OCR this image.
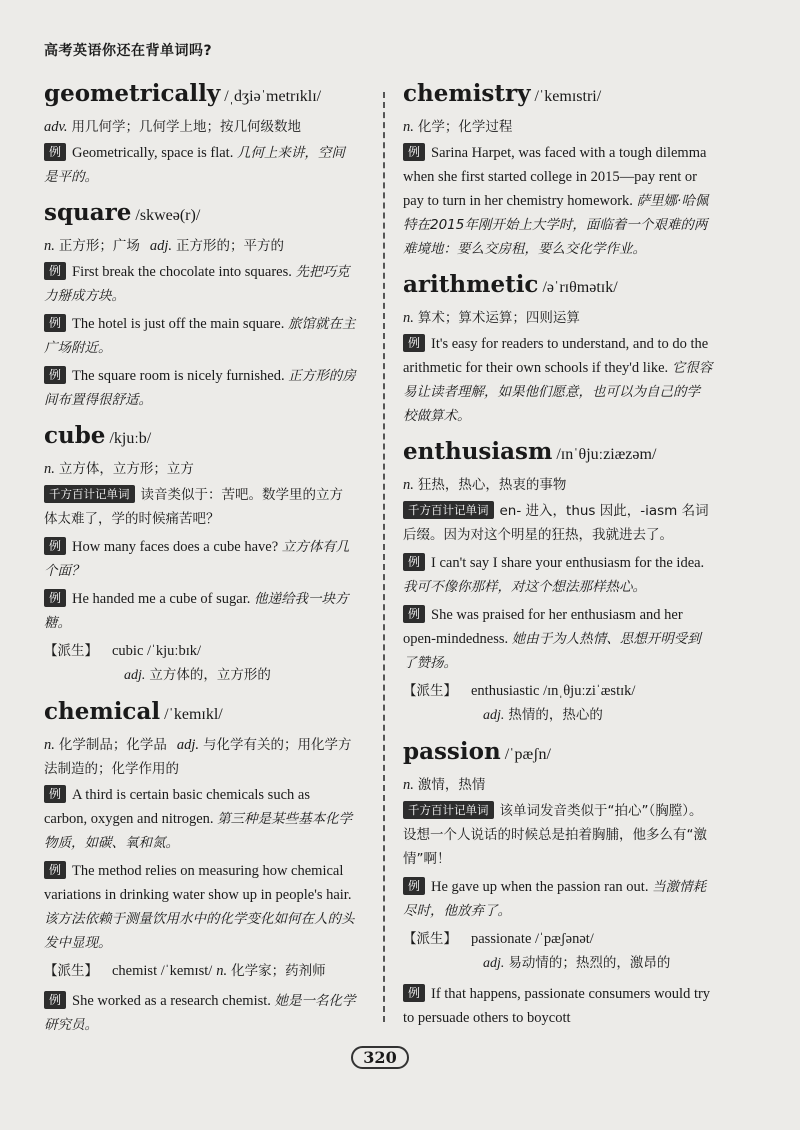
高考英语你还在背单词吗?
geometrically /ˌdʒiəˈmetrɪklɪ/
adv. 用几何学；几何学上地；按几何级数地
例 Geometrically, space is flat. 几何上来讲，空间是平的。
square /skweə(r)/
n. 正方形；广场 adj. 正方形的；平方的
例 First break the chocolate into squares. 先把巧克力掰成方块。
例 The hotel is just off the main square. 旅馆就在主广场附近。
例 The square room is nicely furnished. 正方形的房间布置得很舒适。
cube /kjuːb/
n. 立方体，立方形；立方
千方百计记单词 读音类似于：苦吧。数学里的立方体太难了，学的时候痛苦吧？
例 How many faces does a cube have? 立方体有几个面？
例 He handed me a cube of sugar. 他递给我一块方糖。
【派生】 cubic /ˈkjuːbɪk/
adj. 立方体的，立方形的
chemical /ˈkemɪkl/
n. 化学制品；化学品 adj. 与化学有关的；用化学方法制造的；化学作用的
例 A third is certain basic chemicals such as carbon, oxygen and nitrogen. 第三种是某些基本化学物质，如碳、氧和氮。
例 The method relies on measuring how chemical variations in drinking water show up in people's hair. 该方法依赖于测量饮用水中的化学变化如何在人的头发中显现。
【派生】 chemist /ˈkemɪst/ n. 化学家；药剂师
例 She worked as a research chemist. 她是一名化学研究员。
chemistry /ˈkemɪstri/
n. 化学；化学过程
例 Sarina Harpet, was faced with a tough dilemma when she first started college in 2015—pay rent or pay to turn in her chemistry homework. 萨里娜·哈佩特在2015年刚开始上大学时，面临着一个艰难的两难境地：要么交房租，要么交化学作业。
arithmetic /əˈrɪθmətɪk/
n. 算术；算术运算；四则运算
例 It's easy for readers to understand, and to do the arithmetic for their own schools if they'd like. 它很容易让读者理解，如果他们愿意，也可以为自己的学校做算术。
enthusiasm /ɪnˈθjuːziæzəm/
n. 狂热，热心，热衷的事物
千方百计记单词 en- 进入，thus 因此，-iasm 名词后缀。因为对这个明星的狂热，我就进去了。
例 I can't say I share your enthusiasm for the idea. 我可不像你那样，对这个想法那样热心。
例 She was praised for her enthusiasm and her open-mindedness. 她由于为人热情、思想开明受到了赞扬。
【派生】 enthusiastic /ɪnˌθjuːziˈæstɪk/
adj. 热情的，热心的
passion /ˈpæʃn/
n. 激情，热情
千方百计记单词 该单词发音类似于“拍心”（胸膛）。设想一个人说话的时候总是拍着胸脯，他多么有“激情”啊！
例 He gave up when the passion ran out. 当激情耗尽时，他放弃了。
【派生】 passionate /ˈpæʃənət/
adj. 易动情的；热烈的，激昂的
例 If that happens, passionate consumers would try to persuade others to boycott
320
